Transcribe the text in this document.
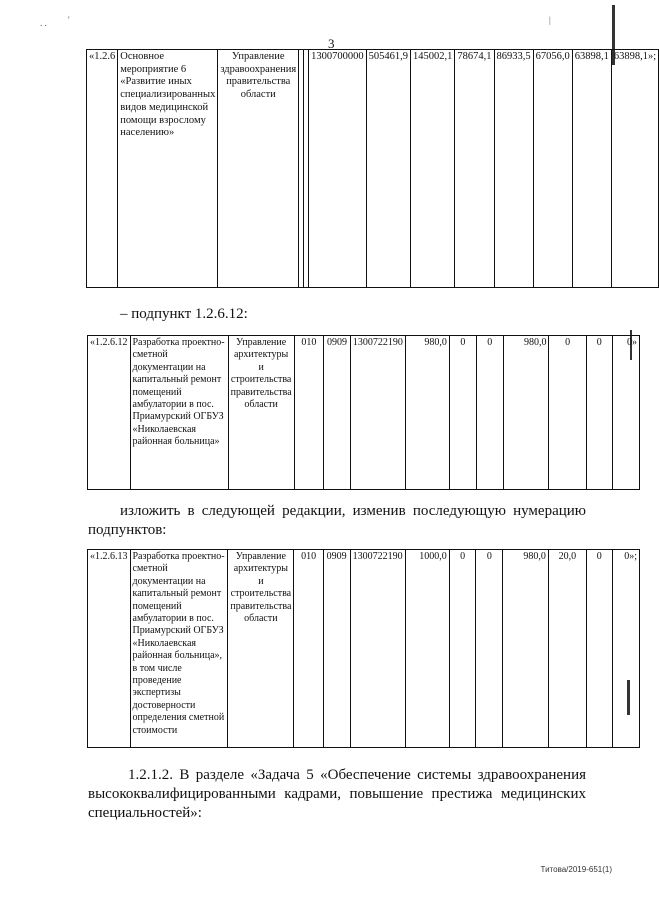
. . '	|
3
«1.2.6	Основное мероприятие 6 «Развитие иных специализированных видов медицинской помощи взрослому населению»	Управление здравоохранения правительства области			1300700000	505461,9	145002,1	78674,1	86933,5	67056,0	63898,1	63898,1»;
– подпункт 1.2.6.12:
«1.2.6.12	Разработка проектно-сметной документации на капитальный ремонт помещений амбулатории в пос. Приамурский ОГБУЗ «Николаевская районная больница»	Управление архитектуры и строительства правительства области	010	0909	1300722190	980,0	0	0	980,0	0	0	0»
изложить в следующей редакции, изменив последующую нумерацию подпунктов:
«1.2.6.13	Разработка проектно-сметной документации на капитальный ремонт помещений амбулатории в пос. Приамурский ОГБУЗ «Николаевская районная больница», в том числе проведение экспертизы достоверности определения сметной стоимости	Управление архитектуры и строительства правительства области	010	0909	1300722190	1000,0	0	0	980,0	20,0	0	0»;
1.2.1.2. В разделе «Задача 5 «Обеспечение системы здравоохранения высококвалифицированными кадрами, повышение престижа медицинских специальностей»:
Титова/2019-651(1)
